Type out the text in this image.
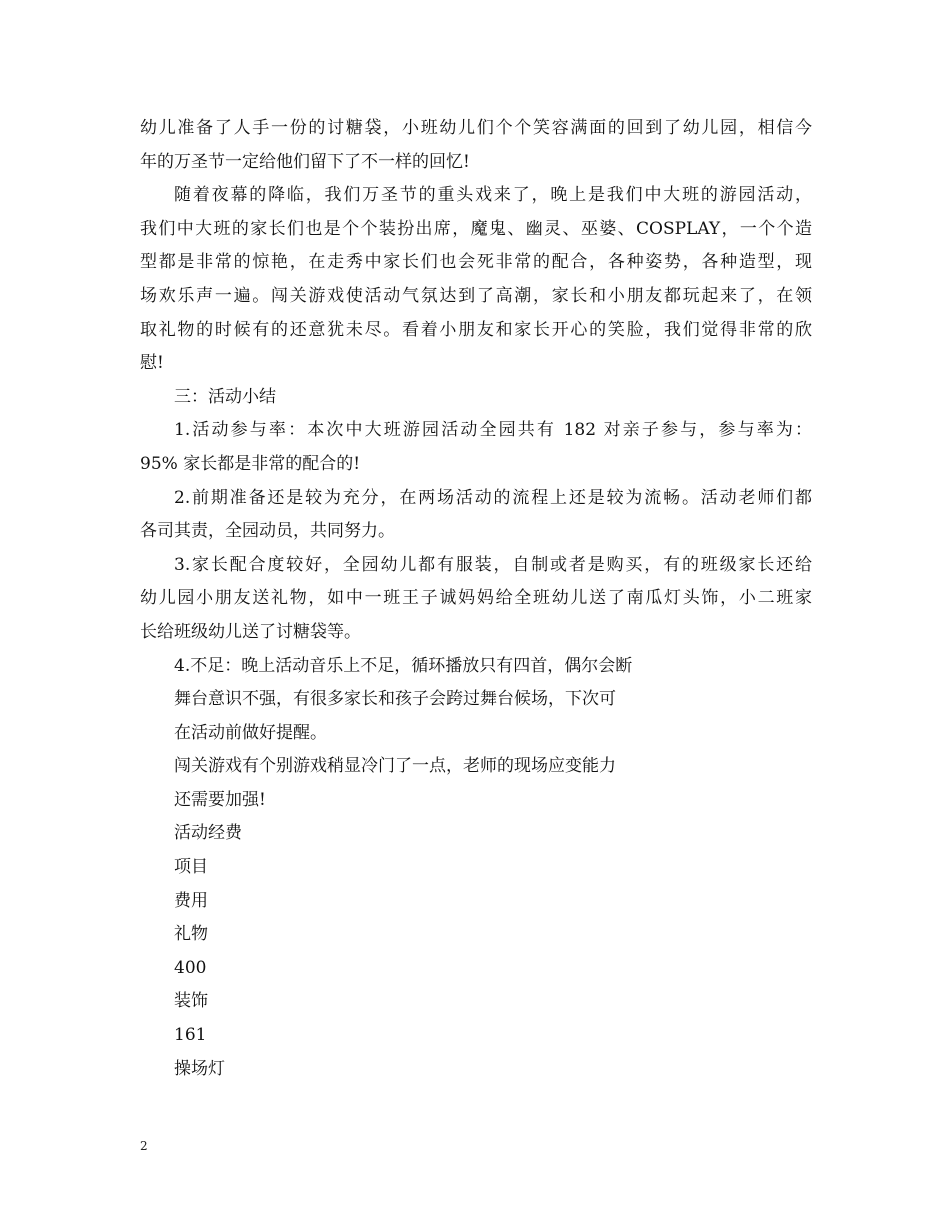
幼儿准备了人手一份的讨糖袋，小班幼儿们个个笑容满面的回到了幼儿园，相信今
年的万圣节一定给他们留下了不一样的回忆!
随着夜幕的降临，我们万圣节的重头戏来了，晚上是我们中大班的游园活动，
我们中大班的家长们也是个个装扮出席，魔鬼、幽灵、巫婆、COSPLAY，一个个造
型都是非常的惊艳，在走秀中家长们也会死非常的配合，各种姿势，各种造型，现
场欢乐声一遍。闯关游戏使活动气氛达到了高潮，家长和小朋友都玩起来了，在领
取礼物的时候有的还意犹未尽。看着小朋友和家长开心的笑脸，我们觉得非常的欣
慰!
三：活动小结
1.活动参与率：本次中大班游园活动全园共有 182 对亲子参与，参与率为：
95% 家长都是非常的配合的!
2.前期准备还是较为充分，在两场活动的流程上还是较为流畅。活动老师们都
各司其责，全园动员，共同努力。
3.家长配合度较好，全园幼儿都有服装，自制或者是购买，有的班级家长还给
幼儿园小朋友送礼物，如中一班王子诚妈妈给全班幼儿送了南瓜灯头饰，小二班家
长给班级幼儿送了讨糖袋等。
4.不足：晚上活动音乐上不足，循环播放只有四首，偶尔会断
舞台意识不强，有很多家长和孩子会跨过舞台候场，下次可
在活动前做好提醒。
闯关游戏有个别游戏稍显冷门了一点，老师的现场应变能力
还需要加强!
活动经费
项目
费用
礼物
400
装饰
161
操场灯
2
